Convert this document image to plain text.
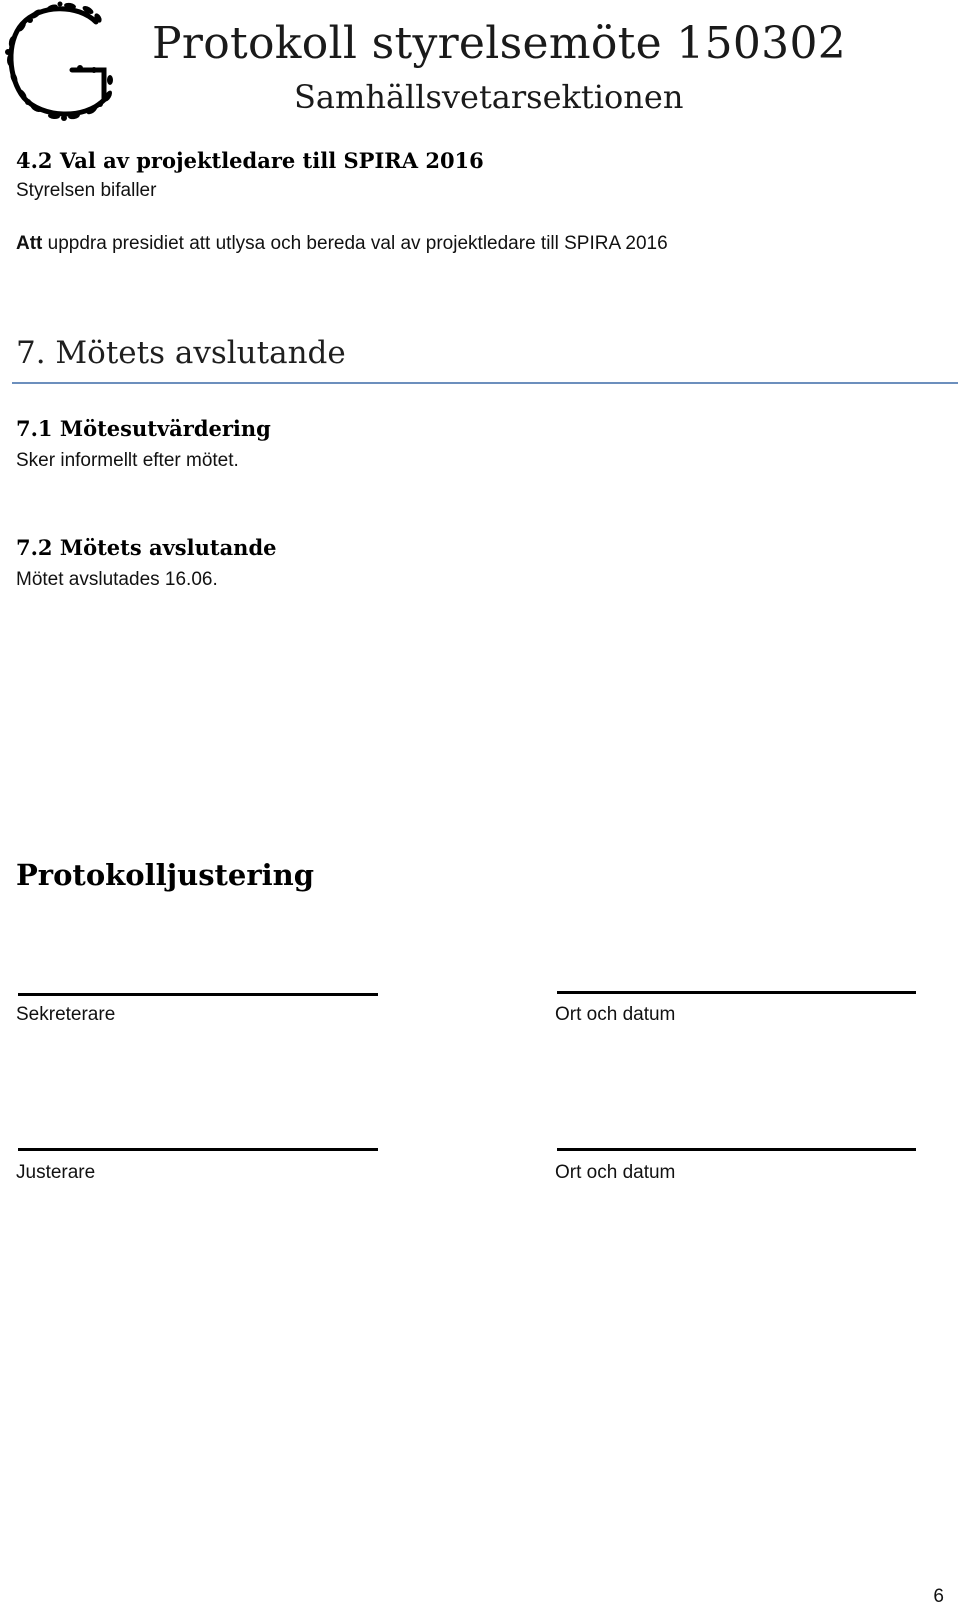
Protokoll styrelsemöte 150302
Samhällsvetarsektionen
4.2 Val av projektledare till SPIRA 2016
Styrelsen bifaller
Att uppdra presidiet att utlysa och bereda val av projektledare till SPIRA 2016
7. Mötets avslutande
7.1 Mötesutvärdering
Sker informellt efter mötet.
7.2 Mötets avslutande
Mötet avslutades 16.06.
Protokolljustering
Sekreterare	Ort och datum
Justerare	Ort och datum
6
